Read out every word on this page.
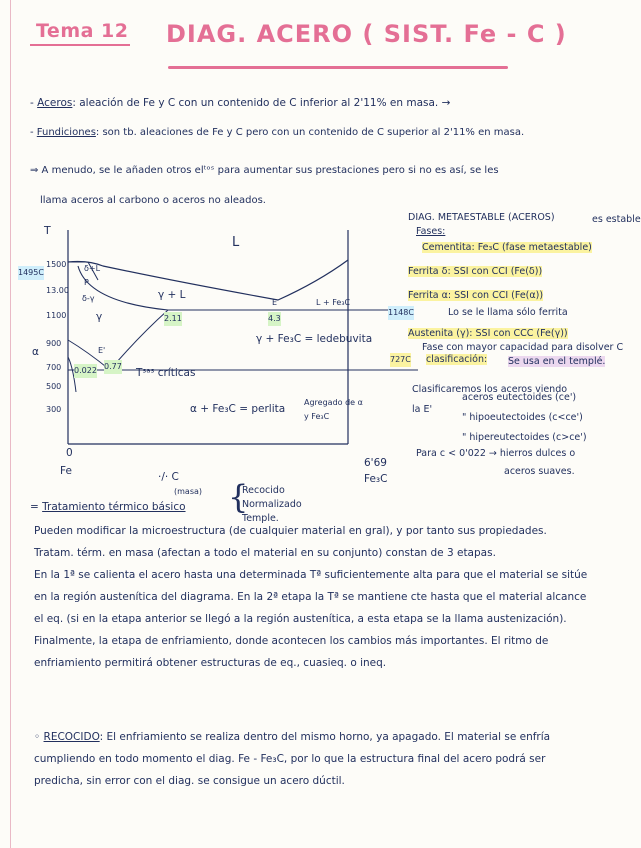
Tema 12 DIAG. ACERO ( SIST. Fe - C )
- Aceros: aleación de Fe y C con un contenido de C inferior al 2'11% en masa. →
- Fundiciones: son tb. aleaciones de Fe y C pero con un contenido de C superior al 2'11% en masa.
⇒ A menudo, se le añaden otros elᵗᵒˢ para aumentar sus prestaciones pero si no es así, se les
llama aceros al carbono o aceros no aleados.
T
α
1500
1495C
13.00
1100
900
700
500
300
1148C
727C
L
δ+L
P
δ-γ	γ + L
γ
E	L + Fe₃C
2.11	4.3
γ + Fe₃C = ledebuvita
E'
0.022 0.77
Tˢᵃˢ críticas
α + Fe₃C = perlita
Agregado de α y Fe₃C
0
Fe	·/· C
(masa)
6'69
Fe₃C
DIAG. METAESTABLE (ACEROS)	es estable
Fases:
Cementita: Fe₃C (fase metaestable)
Ferrita δ: SSI con CCI (Fe(δ))
Ferrita α: SSI con CCI (Fe(α))
Lo se le llama sólo ferrita
Austenita (γ): SSI con CCC (Fe(γ))
Fase con mayor capacidad para disolver C
clasificación: Se usa en el templé.
Clasificaremos los aceros viendo
la E'
aceros eutectoides (ce')
" hipoeutectoides (c<ce')
" hipereutectoides (c>ce')
Para c < 0'022 → hierros dulces o
aceros suaves.
= Tratamiento térmico básico {
Recocido
Normalizado
Temple.
Pueden modificar la microestructura (de cualquier material en gral), y por tanto sus propiedades.
Tratam. térm. en masa (afectan a todo el material en su conjunto) constan de 3 etapas.
En la 1ª se calienta el acero hasta una determinada Tª suficientemente alta para que el material se sitúe en la región austenítica del diagrama. En la 2ª etapa la Tª se mantiene cte hasta que el material alcance el eq. (si en la etapa anterior se llegó a la región austenítica, a esta etapa se la llama austenización). Finalmente, la etapa de enfriamiento, donde acontecen los cambios más importantes. El ritmo de enfriamiento permitirá obtener estructuras de eq., cuasieq. o ineq.
◦ RECOCIDO: El enfriamiento se realiza dentro del mismo horno, ya apagado. El material se enfría cumpliendo en todo momento el diag. Fe - Fe₃C, por lo que la estructura final del acero podrá ser predicha, sin error con el diag. se consigue un acero dúctil.
